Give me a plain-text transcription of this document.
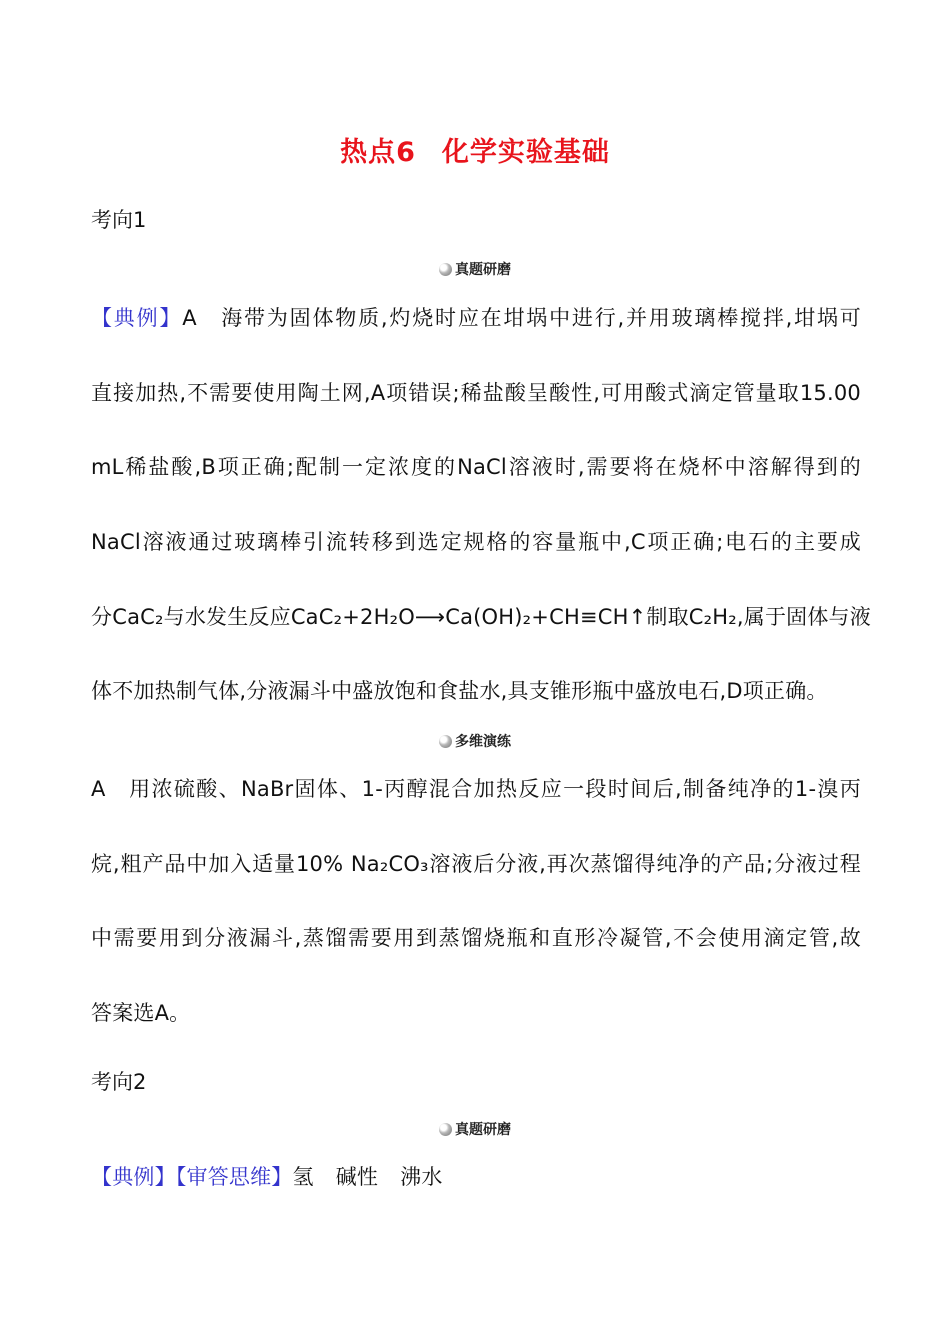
热点6 化学实验基础
考向1
真题研磨
【典例】A　海带为固体物质,灼烧时应在坩埚中进行,并用玻璃棒搅拌,坩埚可
直接加热,不需要使用陶土网,A项错误;稀盐酸呈酸性,可用酸式滴定管量取15.00
mL稀盐酸,B项正确;配制一定浓度的NaCl溶液时,需要将在烧杯中溶解得到的
NaCl溶液通过玻璃棒引流转移到选定规格的容量瓶中,C项正确;电石的主要成
分CaC₂与水发生反应CaC₂+2H₂O⟶Ca(OH)₂+CH≡CH↑制取C₂H₂,属于固体与液
体不加热制气体,分液漏斗中盛放饱和食盐水,具支锥形瓶中盛放电石,D项正确。
多维演练
A　用浓硫酸、NaBr固体、1-丙醇混合加热反应一段时间后,制备纯净的1-溴丙
烷,粗产品中加入适量10% Na₂CO₃溶液后分液,再次蒸馏得纯净的产品;分液过程
中需要用到分液漏斗,蒸馏需要用到蒸馏烧瓶和直形冷凝管,不会使用滴定管,故
答案选A。
考向2
真题研磨
【典例】【审答思维】氢 碱性 沸水
